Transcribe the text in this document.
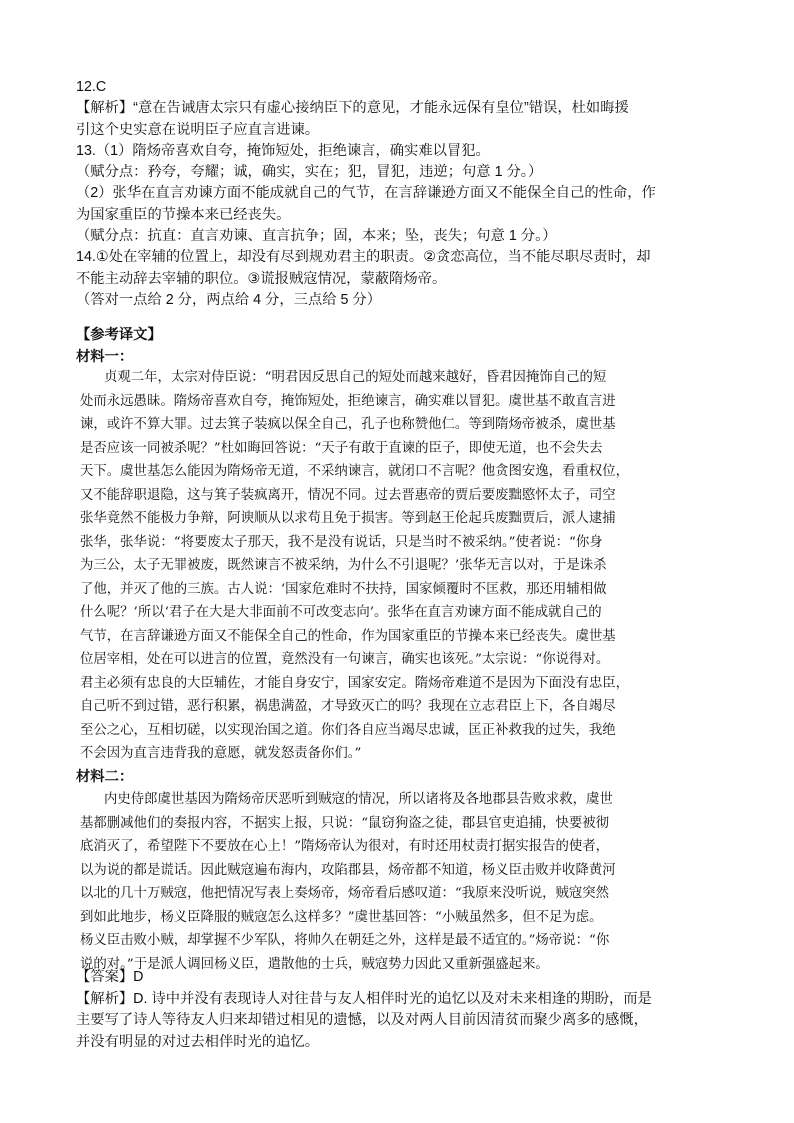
12.C
【解析】“意在告诫唐太宗只有虚心接纳臣下的意见，才能永远保有皇位”错误，杜如晦援
引这个史实意在说明臣子应直言进谏。
13.（1）隋炀帝喜欢自夸，掩饰短处，拒绝谏言，确实难以冒犯。
（赋分点：矜夸，夸耀；诚，确实，实在；犯，冒犯，违逆；句意 1 分。）
（2）张华在直言劝谏方面不能成就自己的气节，在言辞谦逊方面又不能保全自己的性命，作
为国家重臣的节操本来已经丧失。
（赋分点：抗直：直言劝谏、直言抗争；固，本来；坠，丧失；句意 1 分。）
14.①处在宰辅的位置上，却没有尽到规劝君主的职责。②贪恋高位，当不能尽职尽责时，却
不能主动辞去宰辅的职位。③谎报贼寇情况，蒙蔽隋炀帝。
（答对一点给 2 分，两点给 4 分，三点给 5 分）
【参考译文】
材料一：
贞观二年，太宗对侍臣说：“明君因反思自己的短处而越来越好，昏君因掩饰自己的短
处而永远愚昧。隋炀帝喜欢自夸，掩饰短处，拒绝谏言，确实难以冒犯。虞世基不敢直言进
谏，或许不算大罪。过去箕子装疯以保全自己，孔子也称赞他仁。等到隋炀帝被杀，虞世基
是否应该一同被杀呢？”杜如晦回答说：“天子有敢于直谏的臣子，即使无道，也不会失去
天下。虞世基怎么能因为隋炀帝无道，不采纳谏言，就闭口不言呢？他贪图安逸，看重权位，
又不能辞职退隐，这与箕子装疯离开，情况不同。过去晋惠帝的贾后要废黜愍怀太子，司空
张华竟然不能极力争辩，阿谀顺从以求苟且免于损害。等到赵王伦起兵废黜贾后，派人逮捕
张华，张华说：“将要废太子那天，我不是没有说话，只是当时不被采纳。”使者说：“你身
为三公，太子无罪被废，既然谏言不被采纳，为什么不引退呢？’张华无言以对，于是诛杀
了他，并灭了他的三族。古人说：‘国家危难时不扶持，国家倾覆时不匡救，那还用辅相做
什么呢？’所以‘君子在大是大非面前不可改变志向’。张华在直言劝谏方面不能成就自己的
气节，在言辞谦逊方面又不能保全自己的性命，作为国家重臣的节操本来已经丧失。虞世基
位居宰相，处在可以进言的位置，竟然没有一句谏言，确实也该死。”太宗说：“你说得对。
君主必须有忠良的大臣辅佐，才能自身安宁，国家安定。隋炀帝难道不是因为下面没有忠臣，
自己听不到过错，恶行积累，祸患满盈，才导致灭亡的吗？我现在立志君臣上下，各自竭尽
至公之心，互相切磋，以实现治国之道。你们各自应当竭尽忠诚，匡正补救我的过失，我绝
不会因为直言违背我的意愿，就发怒责备你们。”
材料二：
内史侍郎虞世基因为隋炀帝厌恶听到贼寇的情况，所以诸将及各地郡县告败求救，虞世
基都删减他们的奏报内容，不据实上报，只说：“鼠窃狗盗之徒，郡县官吏追捕，快要被彻
底消灭了，希望陛下不要放在心上！”隋炀帝认为很对，有时还用杖责打据实报告的使者，
以为说的都是谎话。因此贼寇遍布海内，攻陷郡县，炀帝都不知道，杨义臣击败并收降黄河
以北的几十万贼寇，他把情况写表上奏炀帝，炀帝看后感叹道：“我原来没听说，贼寇突然
到如此地步，杨义臣降服的贼寇怎么这样多？”虞世基回答：“小贼虽然多，但不足为虑。
杨义臣击败小贼，却掌握不少军队，将帅久在朝廷之外，这样是最不适宜的。”炀帝说：“你
说的对。”于是派人调回杨义臣，遣散他的士兵，贼寇势力因此又重新强盛起来。
【答案】D
【解析】D. 诗中并没有表现诗人对往昔与友人相伴时光的追忆以及对未来相逢的期盼，而是
主要写了诗人等待友人归来却错过相见的遗憾，以及对两人目前因清贫而聚少离多的感慨，
并没有明显的对过去相伴时光的追忆。
